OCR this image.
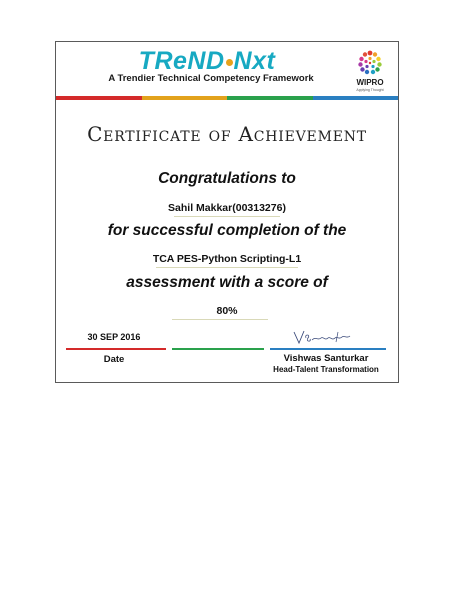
TReND Nxt
A Trendier Technical Competency Framework	WIPRO
Applying Thought
Certificate of Achievement
Congratulations to
Sahil Makkar(00313276)
for successful completion of the
TCA PES-Python Scripting-L1
assessment with a score of
80%
30 SEP 2016
Date	Vishwas Santurkar
Head-Talent Transformation
